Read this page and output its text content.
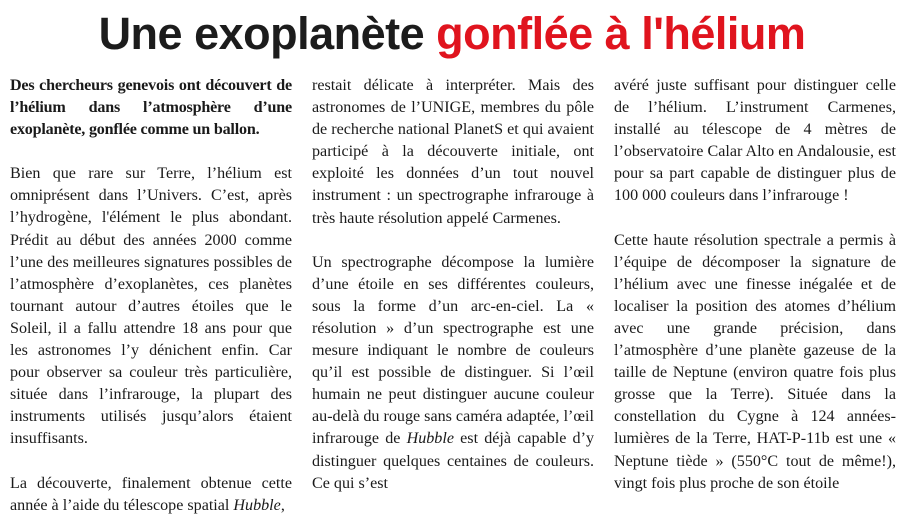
Une exoplanète gonflée à l'hélium

Des chercheurs genevois ont découvert de l’hélium dans l’atmosphère d’une exoplanète, gonflée comme un ballon.

Bien que rare sur Terre, l’hélium est omniprésent dans l’Univers. C’est, après l’hydrogène, l'élément le plus abondant. Prédit au début des années 2000 comme l’une des meilleures signatures possibles de l’atmosphère d’exoplanètes, ces planètes tournant autour d’autres étoiles que le Soleil, il a fallu attendre 18 ans pour que les astronomes l’y dénichent enfin. Car pour observer sa couleur très particulière, située dans l’infrarouge, la plupart des instruments utilisés jusqu’alors étaient insuffisants.

La découverte, finalement obtenue cette année à l’aide du télescope spatial Hubble,

restait délicate à interpréter. Mais des astronomes de l’UNIGE, membres du pôle de recherche national PlanetS et qui avaient participé à la découverte initiale, ont exploité les données d’un tout nouvel instrument : un spectrographe infrarouge à très haute résolution appelé Carmenes.

Un spectrographe décompose la lumière d’une étoile en ses différentes couleurs, sous la forme d’un arc-en-ciel. La « résolution » d’un spectrographe est une mesure indiquant le nombre de couleurs qu’il est possible de distinguer. Si l’œil humain ne peut distinguer aucune couleur au-delà du rouge sans caméra adaptée, l’œil infrarouge de Hubble est déjà capable d’y distinguer quelques centaines de couleurs. Ce qui s’est

avéré juste suffisant pour distinguer celle de l’hélium. L’instrument Carmenes, installé au télescope de 4 mètres de l’observatoire Calar Alto en Andalousie, est pour sa part capable de distinguer plus de 100 000 couleurs dans l’infrarouge !

Cette haute résolution spectrale a permis à l’équipe de décomposer la signature de l’hélium avec une finesse inégalée et de localiser la position des atomes d’hélium avec une grande précision, dans l’atmosphère d’une planète gazeuse de la taille de Neptune (environ quatre fois plus grosse que la Terre). Située dans la constellation du Cygne à 124 années-lumières de la Terre, HAT-P-11b est une « Neptune tiède » (550°C tout de même!), vingt fois plus proche de son étoile
